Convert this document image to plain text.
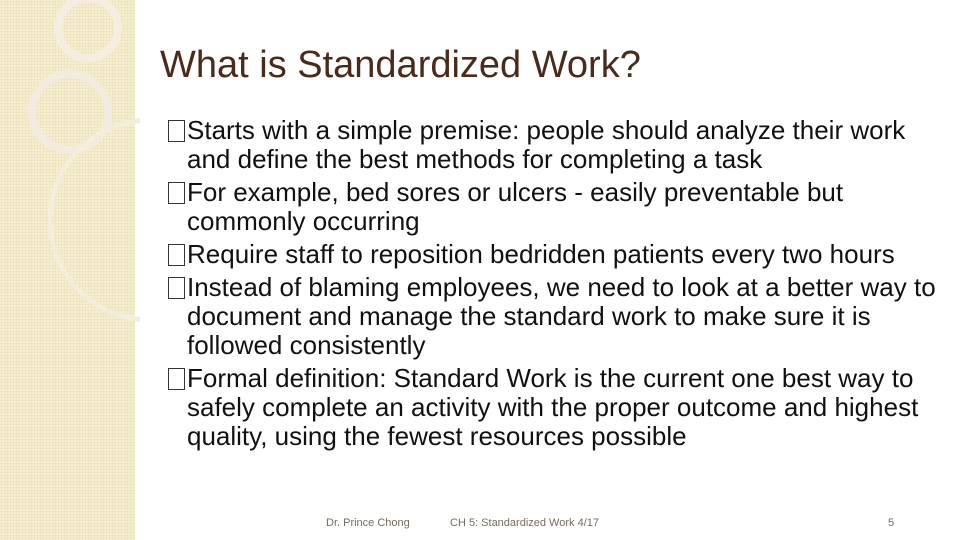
What is Standardized Work?
Starts with a simple premise: people should analyze their work and define the best methods for completing a task
For example, bed sores or ulcers - easily preventable but commonly occurring
Require staff to reposition bedridden patients every two hours
Instead of blaming employees, we need to look at a better way to document and manage the standard work to make sure it is followed consistently
Formal definition: Standard Work is the current one best way to safely complete an activity with the proper outcome and highest quality, using the fewest resources possible
Dr. Prince Chong	CH 5: Standardized Work 4/17	5
